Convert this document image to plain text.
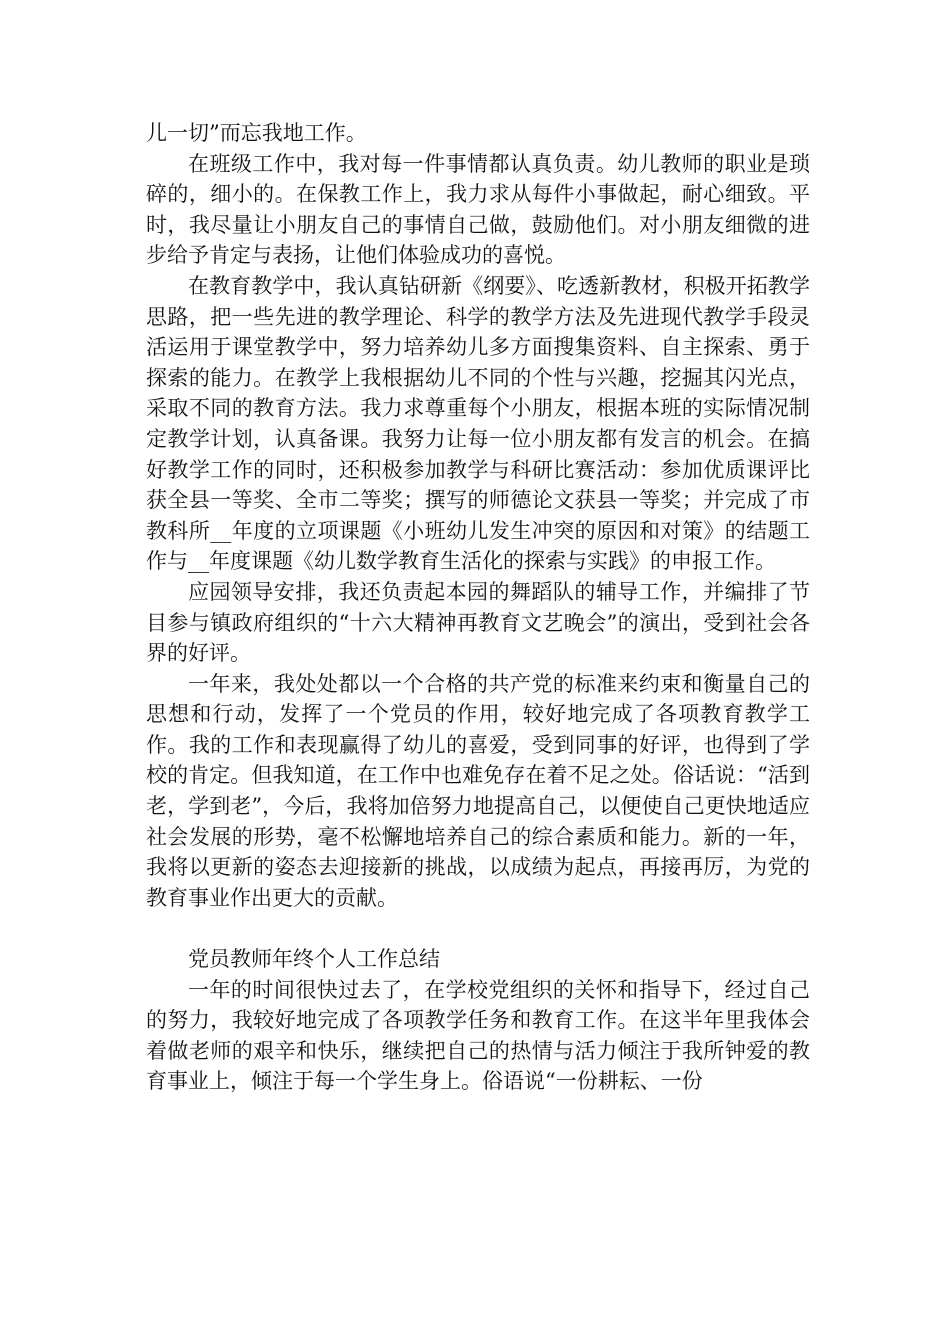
儿一切”而忘我地工作。

在班级工作中，我对每一件事情都认真负责。幼儿教师的职业是琐碎的，细小的。在保教工作上，我力求从每件小事做起，耐心细致。平时，我尽量让小朋友自己的事情自己做，鼓励他们。对小朋友细微的进步给予肯定与表扬，让他们体验成功的喜悦。

在教育教学中，我认真钻研新《纲要》、吃透新教材，积极开拓教学思路，把一些先进的教学理论、科学的教学方法及先进现代教学手段灵活运用于课堂教学中，努力培养幼儿多方面搜集资料、自主探索、勇于探索的能力。在教学上我根据幼儿不同的个性与兴趣，挖掘其闪光点，采取不同的教育方法。我力求尊重每个小朋友，根据本班的实际情况制定教学计划，认真备课。我努力让每一位小朋友都有发言的机会。在搞好教学工作的同时，还积极参加教学与科研比赛活动：参加优质课评比获全县一等奖、全市二等奖；撰写的师德论文获县一等奖；并完成了市教科所__年度的立项课题《小班幼儿发生冲突的原因和对策》的结题工作与__年度课题《幼儿数学教育生活化的探索与实践》的申报工作。

应园领导安排，我还负责起本园的舞蹈队的辅导工作，并编排了节目参与镇政府组织的“十六大精神再教育文艺晚会”的演出，受到社会各界的好评。

一年来，我处处都以一个合格的共产党的标准来约束和衡量自己的思想和行动，发挥了一个党员的作用，较好地完成了各项教育教学工作。我的工作和表现赢得了幼儿的喜爱，受到同事的好评，也得到了学校的肯定。但我知道，在工作中也难免存在着不足之处。俗话说：“活到老，学到老”，今后，我将加倍努力地提高自己，以便使自己更快地适应社会发展的形势，毫不松懈地培养自己的综合素质和能力。新的一年，我将以更新的姿态去迎接新的挑战，以成绩为起点，再接再厉，为党的教育事业作出更大的贡献。

党员教师年终个人工作总结

一年的时间很快过去了，在学校党组织的关怀和指导下，经过自己的努力，我较好地完成了各项教学任务和教育工作。在这半年里我体会着做老师的艰辛和快乐，继续把自己的热情与活力倾注于我所钟爱的教育事业上，倾注于每一个学生身上。俗语说“一份耕耘、一份
